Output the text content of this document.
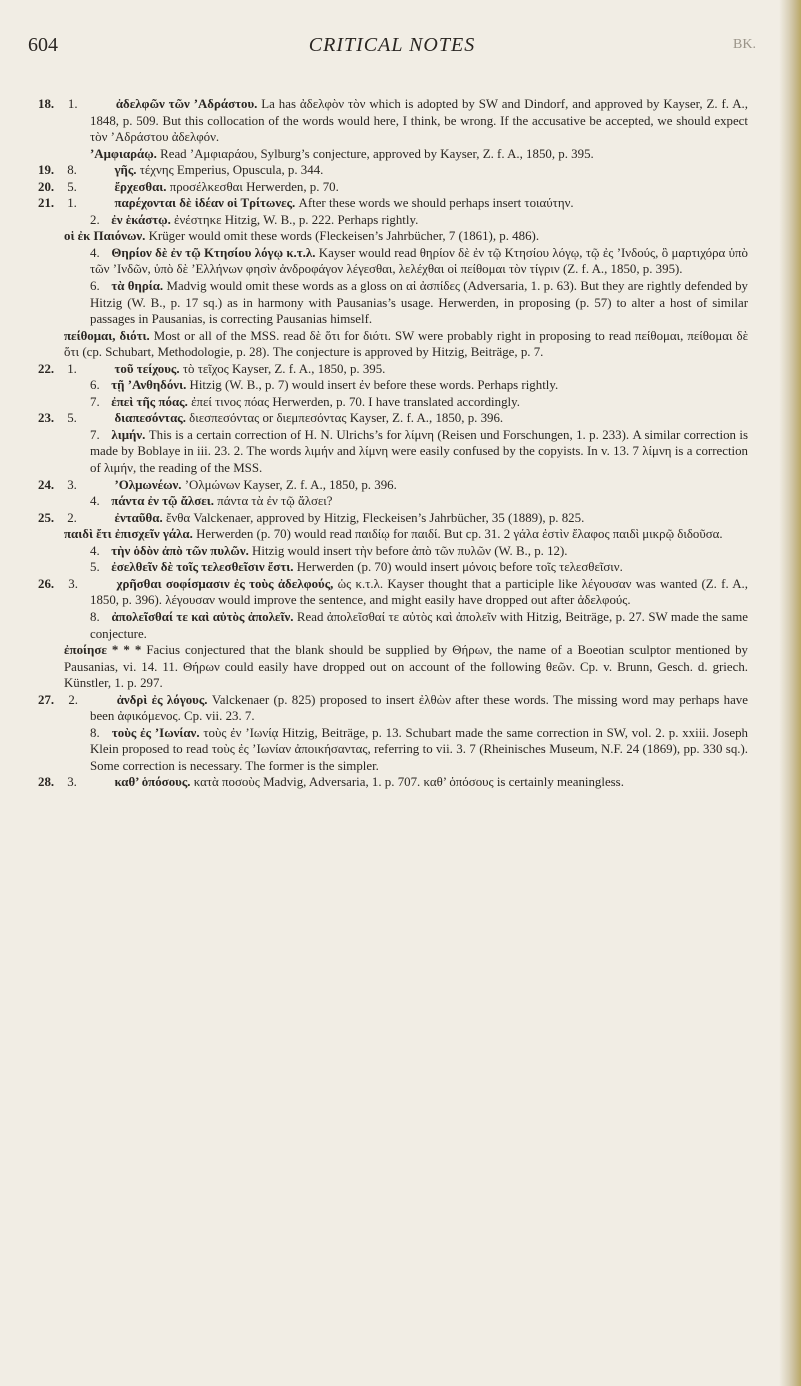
604	CRITICAL NOTES	BK.

18. 1.	ἀδελφῶν τῶν ’Αδράστου. La has ἀδελφὸν τὸν which is adopted by SW and Dindorf, and approved by Kayser, Z. f. A., 1848, p. 509. But this collocation of the words would here, I think, be wrong. If the accusative be accepted, we should expect τὸν ’Αδράστου ἀδελφόν.

’Αμφιαράῳ. Read ’Αμφιαράου, Sylburg’s conjecture, approved by Kayser, Z. f. A., 1850, p. 395.

19. 8.	γῆς. τέχνης Emperius, Opuscula, p. 344.

20. 5.	ἔρχεσθαι. προσέλκεσθαι Herwerden, p. 70.

21. 1.	παρέχονται δὲ ἰδέαν οἱ Τρίτωνες. After these words we should perhaps insert τοιαύτην.

2. ἐν ἑκάστῳ. ἐνέστηκε Hitzig, W. B., p. 222. Perhaps rightly.

οἱ ἐκ Παιόνων. Krüger would omit these words (Fleckeisen’s Jahrbücher, 7 (1861), p. 486).

4. Θηρίον δὲ ἐν τῷ Κτησίου λόγῳ κ.τ.λ. Kayser would read θηρίον δὲ ἐν τῷ Κτησίου λόγῳ, τῷ ἐς ’Ινδούς, ὃ μαρτιχόρα ὑπὸ τῶν ’Ινδῶν, ὑπὸ δὲ ’Ελλήνων φησὶν ἀνδροφάγον λέγεσθαι, λελέχθαι οἱ πείθομαι τὸν τίγριν (Z. f. A., 1850, p. 395).

6. τὰ θηρία. Madvig would omit these words as a gloss on αἱ ἀσπίδες (Adversaria, 1. p. 63). But they are rightly defended by Hitzig (W. B., p. 17 sq.) as in harmony with Pausanias’s usage. Herwerden, in proposing (p. 57) to alter a host of similar passages in Pausanias, is correcting Pausanias himself.

πείθομαι, διότι. Most or all of the MSS. read δὲ ὅτι for διότι. SW were probably right in proposing to read πείθομαι, πείθομαι δὲ ὅτι (cp. Schubart, Methodologie, p. 28). The conjecture is approved by Hitzig, Beiträge, p. 7.

22. 1.	τοῦ τείχους. τὸ τεῖχος Kayser, Z. f. A., 1850, p. 395.

6. τῇ ’Ανθηδόνι. Hitzig (W. B., p. 7) would insert ἐν before these words. Perhaps rightly.

7. ἐπεὶ τῆς πόας. ἐπεί τινος πόας Herwerden, p. 70. I have translated accordingly.

23. 5.	διαπεσόντας. διεσπεσόντας or διεμπεσόντας Kayser, Z. f. A., 1850, p. 396.

7. λιμήν. This is a certain correction of H. N. Ulrichs’s for λίμνη (Reisen und Forschungen, 1. p. 233). A similar correction is made by Boblaye in iii. 23. 2. The words λιμήν and λίμνη were easily confused by the copyists. In v. 13. 7 λίμνη is a correction of λιμήν, the reading of the MSS.

24. 3.	’Ολμωνέων. ’Ολμώνων Kayser, Z. f. A., 1850, p. 396.

4. πάντα ἐν τῷ ἄλσει. πάντα τὰ ἐν τῷ ἄλσει?

25. 2.	ἐνταῦθα. ἔνθα Valckenaer, approved by Hitzig, Fleckeisen’s Jahrbücher, 35 (1889), p. 825.

παιδὶ ἔτι ἐπισχεῖν γάλα. Herwerden (p. 70) would read παιδίῳ for παιδί. But cp. 31. 2 γάλα ἐστὶν ἔλαφος παιδὶ μικρῷ διδοῦσα.

4. τὴν ὁδὸν ἀπὸ τῶν πυλῶν. Hitzig would insert τὴν before ἀπὸ τῶν πυλῶν (W. B., p. 12).

5. ἐσελθεῖν δὲ τοῖς τελεσθεῖσιν ἔστι. Herwerden (p. 70) would insert μόνοις before τοῖς τελεσθεῖσιν.

26. 3.	χρῆσθαι σοφίσμασιν ἐς τοὺς ἀδελφούς, ὡς κ.τ.λ. Kayser thought that a participle like λέγουσαν was wanted (Z. f. A., 1850, p. 396). λέγουσαν would improve the sentence, and might easily have dropped out after ἀδελφούς.

8. ἀπολεῖσθαί τε καὶ αὐτὸς ἀπολεῖν. Read ἀπολεῖσθαί τε αὐτὸς καὶ ἀπολεῖν with Hitzig, Beiträge, p. 27. SW made the same conjecture.

ἐποίησε * * * Facius conjectured that the blank should be supplied by Θήρων, the name of a Boeotian sculptor mentioned by Pausanias, vi. 14. 11. Θήρων could easily have dropped out on account of the following θεῶν. Cp. v. Brunn, Gesch. d. griech. Künstler, 1. p. 297.

27. 2.	ἀνδρὶ ἐς λόγους. Valckenaer (p. 825) proposed to insert ἐλθὼν after these words. The missing word may perhaps have been ἀφικόμενος. Cp. vii. 23. 7.

8. τοὺς ἐς ’Ιωνίαν. τοὺς ἐν ’Ιωνίᾳ Hitzig, Beiträge, p. 13. Schubart made the same correction in SW, vol. 2. p. xxiii. Joseph Klein proposed to read τοὺς ἐς ’Ιωνίαν ἀποικήσαντας, referring to vii. 3. 7 (Rheinisches Museum, N.F. 24 (1869), pp. 330 sq.). Some correction is necessary. The former is the simpler.

28. 3.	καθ’ ὁπόσους. κατὰ ποσοὺς Madvig, Adversaria, 1. p. 707. καθ’ ὁπόσους is certainly meaningless.
